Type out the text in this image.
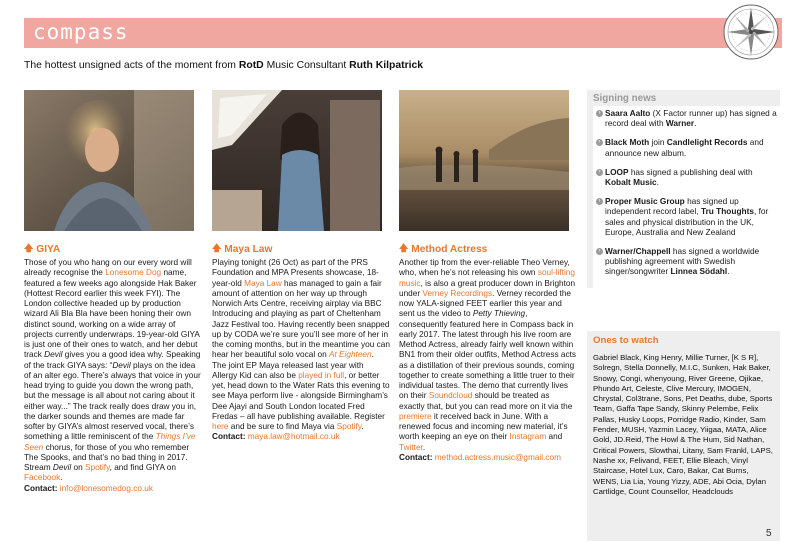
compass
The hottest unsigned acts of the moment from RotD Music Consultant Ruth Kilpatrick
🡅 GIYA
Those of you who hang on our every word will already recognise the Lonesome Dog name, featured a few weeks ago alongside Hak Baker (Hottest Record earlier this week FYI). The London collective headed up by production wizard Ali Bla Bla have been honing their own distinct sound, working on a wide array of projects currently underwraps. 19-year-old GIYA is just one of their ones to watch, and her debut track Devil gives you a good idea why. Speaking of the track GIYA says: “Devil plays on the idea of an alter ego. There’s always that voice in your head trying to guide you down the wrong path, but the message is all about not caring about it either way...” The track really does draw you in, the darker sounds and themes are made far softer by GIYA’s almost reserved vocal, there’s something a little reminiscent of the Things I’ve Seen chorus, for those of you who remember The Spooks, and that’s no bad thing in 2017. Stream Devil on Spotify, and find GIYA on Facebook.
Contact: info@lonesomedog.co.uk
🡅 Maya Law
Playing tonight (26 Oct) as part of the PRS Foundation and MPA Presents showcase, 18-year-old Maya Law has managed to gain a fair amount of attention on her way up through Norwich Arts Centre, receiving airplay via BBC Introducing and playing as part of Cheltenham Jazz Festival too. Having recently been snapped up by CODA we’re sure you’ll see more of her in the coming months, but in the meantime you can hear her beautiful solo vocal on At Eighteen. The joint EP Maya released last year with Allergy Kid can also be played in full, or better yet, head down to the Water Rats this evening to see Maya perform live - alongside Birmingham’s Dee Ajayi and South London located Fred Fredas – all have publishing available. Register here and be sure to find Maya via Spotify.
Contact: maya.law@hotmail.co.uk
🡅 Method Actress
Another tip from the ever-reliable Theo Verney, who, when he’s not releasing his own soul-lifting music, is also a great producer down in Brighton under Verney Recordings. Verney recorded the now YALA-signed FEET earlier this year and sent us the video to Petty Thieving, consequently featured here in Compass back in early 2017. The latest through his live room are Method Actress, already fairly well known within BN1 from their older outfits, Method Actress acts as a distillation of their previous sounds, coming together to create something a little truer to their individual tastes. The demo that currently lives on their Soundcloud should be treated as exactly that, but you can read more on it via the premiere it received back in June. With a renewed focus and incoming new material, it’s worth keeping an eye on their Instagram and Twitter.
Contact: method.actress.music@gmail.com
Signing news
› Saara Aalto (X Factor runner up) has signed a record deal with Warner.
› Black Moth join Candlelight Records and announce new album.
› LOOP has signed a publishing deal with Kobalt Music.
› Proper Music Group has signed up independent record label, Tru Thoughts, for sales and physical distribution in the UK, Europe, Australia and New Zealand
› Warner/Chappell has signed a worldwide publishing agreement with Swedish singer/songwriter Linnea Södahl.
Ones to watch
Gabriel Black, King Henry, Millie Turner, [K S R], Solregn, Stella Donnelly, M.I.C, Sunken, Hak Baker, Snowy, Congi, whenyoung, River Greene, Ojikae, Phundo Art, Celeste, Clive Mercury, IMOGEN, Chrystal, Col3trane, Sons, Pet Deaths, dube, Sports Team, Gaffa Tape Sandy, Skinny Pelembe, Felix Pallas, Husky Loops, Porridge Radio, Kinder, Sam Fender, MUSH, Yazmin Lacey, Yiigaa, MATA, Alice Gold, JD.Reid, The Howl & The Hum, Sid Nathan, Critical Powers, Slowthai, Litany, Sam Frankl, LAPS, Nashe xx, Felivand, FEET, Ellie Bleach, Vinyl Staircase, Hotel Lux, Caro, Bakar, Cat Burns, WENS, Lia Lia, Young Yizzy, ADE, Abi Ocia, Dylan Cartlidge, Count Counsellor, Headclouds
5
